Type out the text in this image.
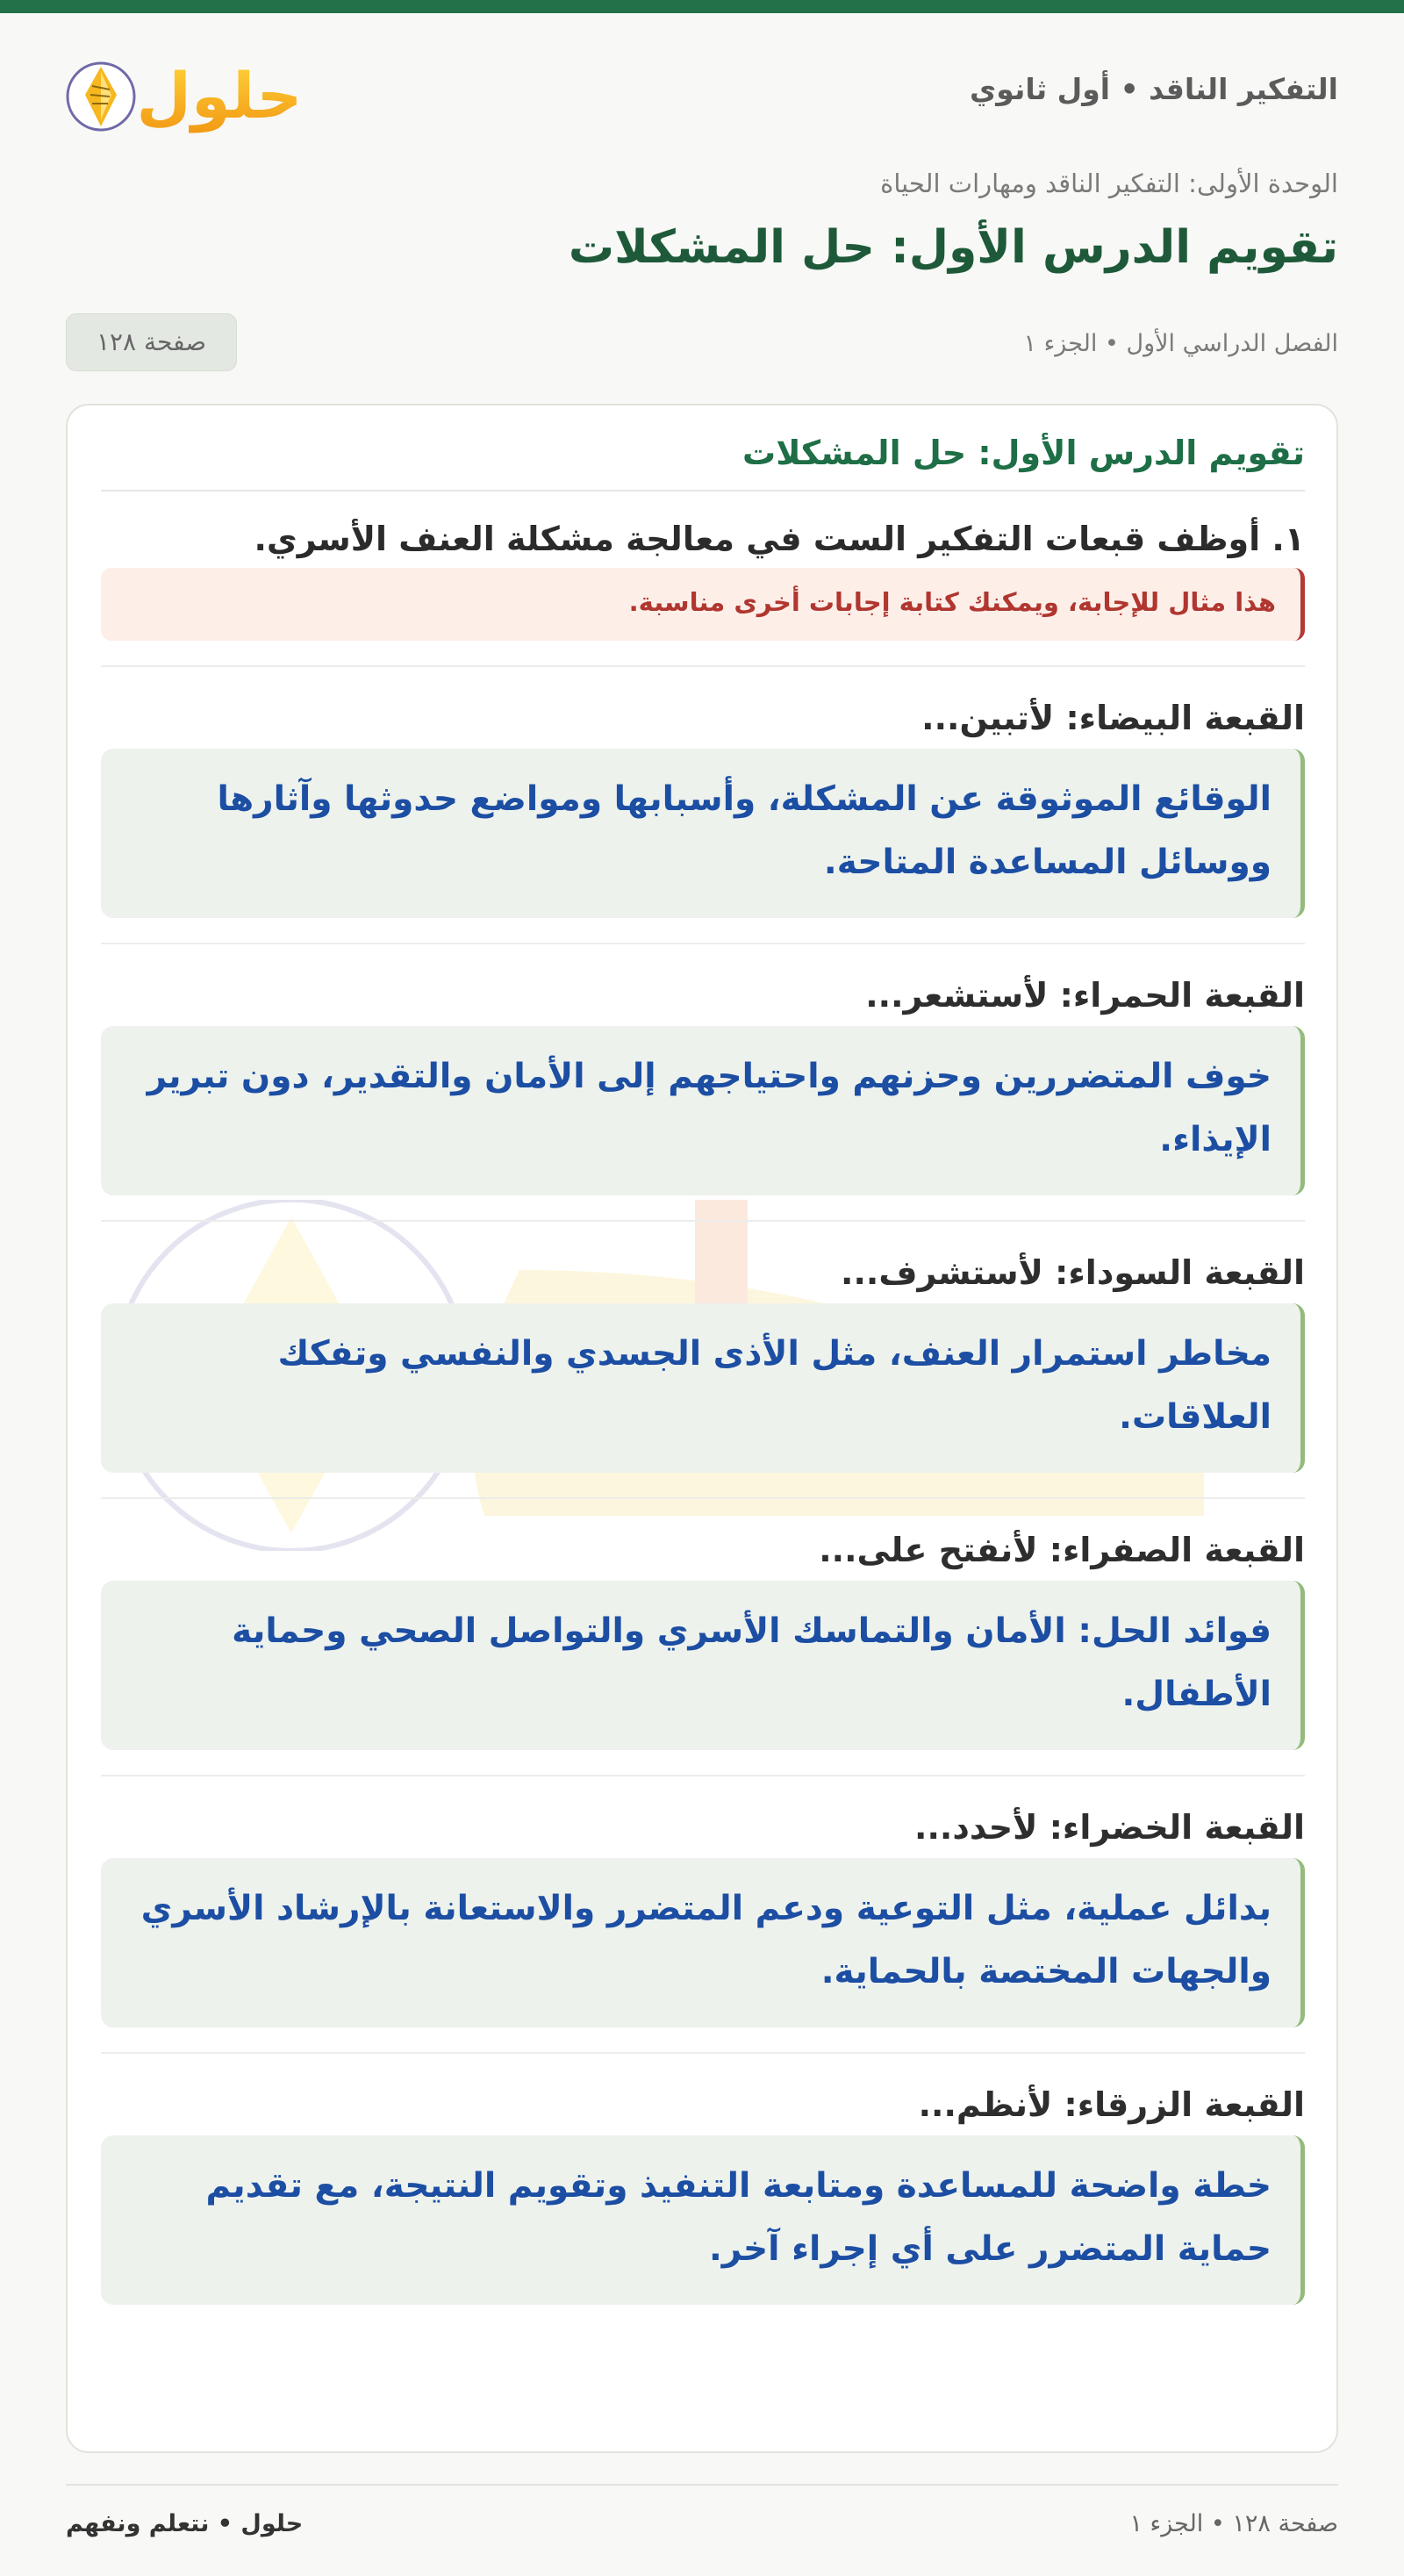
حلول	التفكير الناقد • أول ثانوي
الوحدة الأولى: التفكير الناقد ومهارات الحياة
تقويم الدرس الأول: حل المشكلات
الفصل الدراسي الأول • الجزء ١
صفحة ١٢٨
تقويم الدرس الأول: حل المشكلات
١. أوظف قبعات التفكير الست في معالجة مشكلة العنف الأسري.
هذا مثال للإجابة، ويمكنك كتابة إجابات أخرى مناسبة.
القبعة البيضاء: لأتبين...
الوقائع الموثوقة عن المشكلة، وأسبابها ومواضع حدوثها وآثارها ووسائل المساعدة المتاحة.
القبعة الحمراء: لأستشعر...
خوف المتضررين وحزنهم واحتياجهم إلى الأمان والتقدير، دون تبرير الإيذاء.
القبعة السوداء: لأستشرف...
مخاطر استمرار العنف، مثل الأذى الجسدي والنفسي وتفكك العلاقات.
القبعة الصفراء: لأنفتح على...
فوائد الحل: الأمان والتماسك الأسري والتواصل الصحي وحماية الأطفال.
القبعة الخضراء: لأحدد...
بدائل عملية، مثل التوعية ودعم المتضرر والاستعانة بالإرشاد الأسري والجهات المختصة بالحماية.
القبعة الزرقاء: لأنظم...
خطة واضحة للمساعدة ومتابعة التنفيذ وتقويم النتيجة، مع تقديم حماية المتضرر على أي إجراء آخر.
صفحة ١٢٨ • الجزء ١
حلول • نتعلم ونفهم
